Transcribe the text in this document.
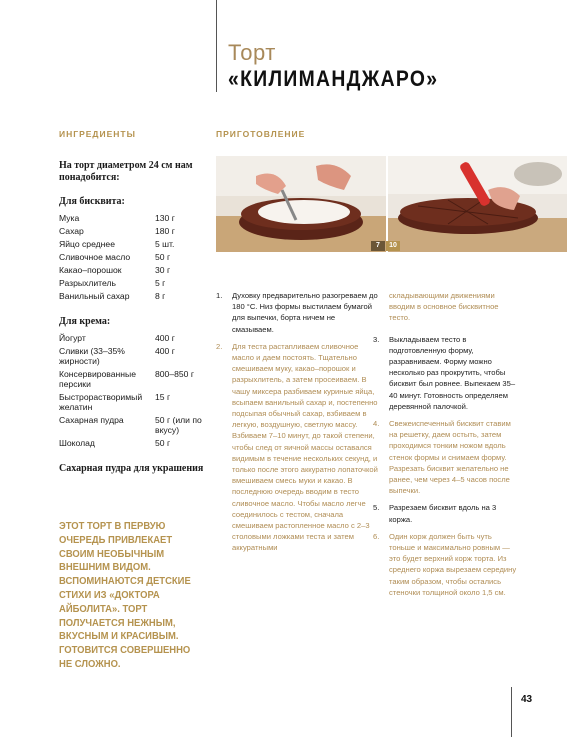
Торт
«КИЛИМАНДЖАРО»
ИНГРЕДИЕНТЫ	ПРИГОТОВЛЕНИЕ
На торт диаметром 24 см нам понадобится:
Для бисквита:
Мука	130 г
Сахар	180 г
Яйцо среднее	5 шт.
Сливочное масло	50 г
Какао–порошок	30 г
Разрыхлитель	5 г
Ванильный сахар	8 г
Для крема:
Йогурт	400 г
Сливки (33–35% жирности)	400 г
Консервированные персики	800–850 г
Быстрорастворимый желатин	15 г
Сахарная пудра	50 г (или по вкусу)
Шоколад	50 г
Сахарная пудра для украшения
ЭТОТ ТОРТ В ПЕРВУЮ ОЧЕРЕДЬ ПРИВЛЕКАЕТ СВОИМ НЕОБЫЧНЫМ ВНЕШНИМ ВИДОМ. ВСПОМИНАЮТСЯ ДЕТСКИЕ СТИХИ ИЗ «ДОКТОРА АЙБОЛИТА». ТОРТ ПОЛУЧАЕТСЯ НЕЖНЫМ, ВКУСНЫМ И КРАСИВЫМ. ГОТОВИТСЯ СОВЕРШЕННО НЕ СЛОЖНО.
7	10
1. Духовку предварительно разогреваем до 180 °С. Низ формы выстилаем бумагой для выпечки, борта ничем не смазываем.
2. Для теста растапливаем сливочное масло и даем постоять. Тщательно смешиваем муку, какао–порошок и разрыхлитель, а затем просеиваем. В чашу миксера разбиваем куриные яйца, всыпаем ванильный сахар и, постепенно подсыпая обычный сахар, взбиваем в легкую, воздушную, светлую массу. Взбиваем 7–10 минут, до такой степени, чтобы след от яичной массы оставался видимым в течение нескольких секунд, и только после этого аккуратно лопаточкой вмешиваем смесь муки и какао. В последнюю очередь вводим в тесто сливочное масло. Чтобы масло легче соединилось с тестом, сначала смешиваем растопленное масло с 2–3 столовыми ложками теста и затем аккуратными
складывающими движениями вводим в основное бисквитное тесто.
3. Выкладываем тесто в подготовленную форму, разравниваем. Форму можно несколько раз прокрутить, чтобы бисквит был ровнее. Выпекаем 35–40 минут. Готовность определяем деревянной палочкой.
4. Свежеиспеченный бисквит ставим на решетку, даем остыть, затем проходимся тонким ножом вдоль стенок формы и снимаем форму. Разрезать бисквит желательно не ранее, чем через 4–5 часов после выпечки.
5. Разрезаем бисквит вдоль на 3 коржа.
6. Один корж должен быть чуть тоньше и максимально ровным — это будет верхний корж торта. Из среднего коржа вырезаем середину таким образом, чтобы остались стеночки толщиной около 1,5 см.
43
